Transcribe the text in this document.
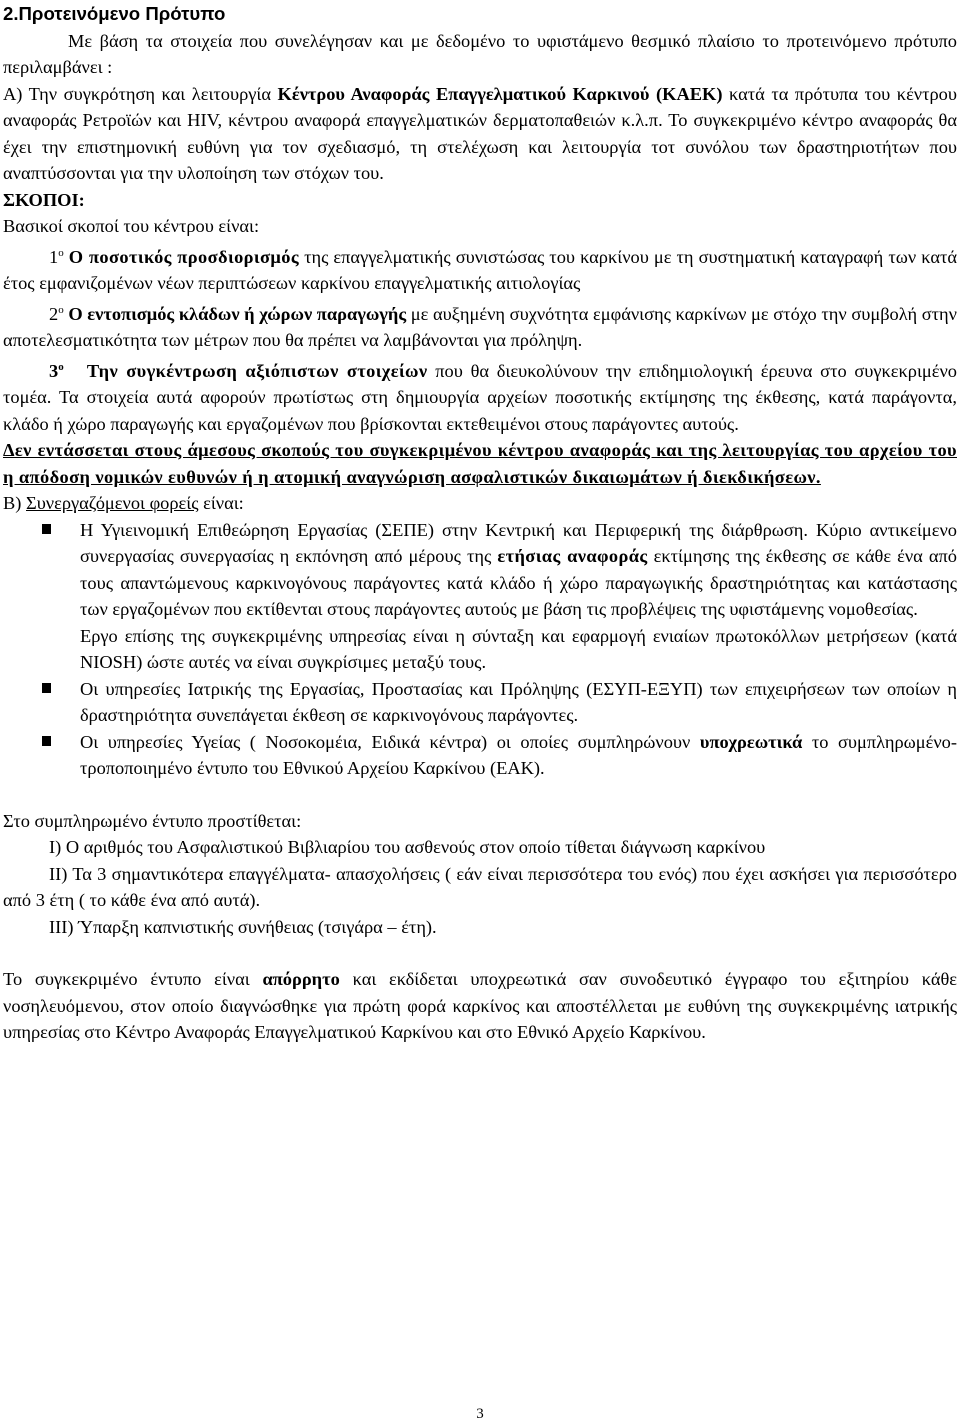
2.Προτεινόμενο Πρότυπο

Με βάση τα στοιχεία που συνελέγησαν και με δεδομένο το υφιστάμενο θεσμικό πλαίσιο το προτεινόμενο πρότυπο περιλαμβάνει :

Α) Την συγκρότηση και λειτουργία Κέντρου Αναφοράς Επαγγελματικού Καρκινού (ΚΑΕΚ) κατά τα πρότυπα του κέντρου αναφοράς Ρετροϊών και HIV, κέντρου αναφορά επαγγελματικών δερματοπαθειών κ.λ.π. Το συγκεκριμένο κέντρο αναφοράς θα έχει την επιστημονική ευθύνη για τον σχεδιασμό, τη στελέχωση και λειτουργία τοτ συνόλου των δραστηριοτήτων που αναπτύσσονται για την υλοποίηση των στόχων του.

ΣΚΟΠΟΙ:

Βασικοί σκοποί του κέντρου είναι:

$1^o$ Ο ποσοτικός προσδιορισμός της επαγγελματικής συνιστώσας του καρκίνου με τη συστηματική καταγραφή των κατά έτος εμφανιζομένων νέων περιπτώσεων καρκίνου επαγγελματικής αιτιολογίας

$2^o$ Ο εντοπισμός κλάδων ή χώρων παραγωγής με αυξημένη συχνότητα εμφάνισης καρκίνων με στόχο την συμβολή στην αποτελεσματικότητα των μέτρων που θα πρέπει να λαμβάνονται για πρόληψη.

$3^o$ Την συγκέντρωση αξιόπιστων στοιχείων που θα διευκολύνουν την επιδημιολογική έρευνα στο συγκεκριμένο τομέα. Τα στοιχεία αυτά αφορούν πρωτίστως στη δημιουργία αρχείων ποσοτικής εκτίμησης της έκθεσης, κατά παράγοντα, κλάδο ή χώρο παραγωγής και εργαζομένων που βρίσκονται εκτεθειμένοι στους παράγοντες αυτούς.

Δεν εντάσσεται στους άμεσους σκοπούς του συγκεκριμένου κέντρου αναφοράς και της λειτουργίας του αρχείου του η απόδοση νομικών ευθυνών ή η ατομική αναγνώριση ασφαλιστικών δικαιωμάτων ή διεκδικήσεων.

Β) Συνεργαζόμενοι φορείς είναι:

Η Υγιεινομική Επιθεώρηση Εργασίας (ΣΕΠΕ) στην Κεντρική και Περιφερική της διάρθρωση. Κύριο αντικείμενο συνεργασίας συνεργασίας η εκπόνηση από μέρους της ετήσιας αναφοράς εκτίμησης της έκθεσης σε κάθε ένα από τους απαντώμενους καρκινογόνους παράγοντες κατά κλάδο ή χώρο παραγωγικής δραστηριότητας και κατάστασης των εργαζομένων που εκτίθενται στους παράγοντες αυτούς με βάση τις προβλέψεις της υφιστάμενης νομοθεσίας.

Εργο επίσης της συγκεκριμένης υπηρεσίας είναι η σύνταξη και εφαρμογή ενιαίων πρωτοκόλλων μετρήσεων (κατά NIOSH) ώστε αυτές να είναι συγκρίσιμες μεταξύ τους.

Οι υπηρεσίες Ιατρικής της Εργασίας, Προστασίας και Πρόληψης (ΕΣΥΠ-ΕΞΥΠ) των επιχειρήσεων των οποίων η δραστηριότητα συνεπάγεται έκθεση σε καρκινογόνους παράγοντες.

Οι υπηρεσίες Υγείας ( Νοσοκομέια, Ειδικά κέντρα) οι οποίες συμπληρώνουν υποχρεωτικά το συμπληρωμένο- τροποποιημένο έντυπο του Εθνικού Αρχείου Καρκίνου (ΕΑΚ).

Στο συμπληρωμένο έντυπο προστίθεται:

Ι) Ο αριθμός του Ασφαλιστικού Βιβλιαρίου του ασθενούς στον οποίο τίθεται διάγνωση καρκίνου

ΙΙ) Τα 3 σημαντικότερα επαγγέλματα- απασχολήσεις ( εάν είναι περισσότερα του ενός) που έχει ασκήσει για περισσότερο από 3 έτη ( το κάθε ένα από αυτά).

ΙΙΙ) Ύπαρξη καπνιστικής συνήθειας (τσιγάρα – έτη).

Το συγκεκριμένο έντυπο είναι απόρρητο και εκδίδεται υποχρεωτικά σαν συνοδευτικό έγγραφο του εξιτηρίου κάθε νοσηλευόμενου, στον οποίο διαγνώσθηκε για πρώτη φορά καρκίνος και αποστέλλεται με ευθύνη της συγκεκριμένης ιατρικής υπηρεσίας στο Κέντρο Αναφοράς Επαγγελματικού Καρκίνου και στο Εθνικό Αρχείο Καρκίνου.

3
